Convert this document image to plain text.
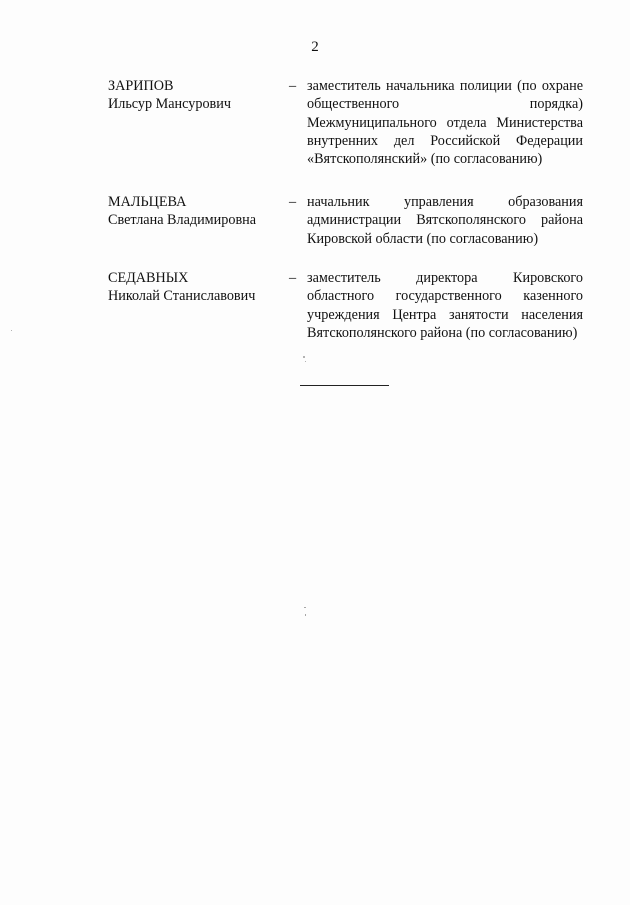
2
ЗАРИПОВ
Ильсур Мансурович
– заместитель начальника полиции (по охране общественного порядка) Межмуниципального отдела Министерства внутренних дел Российской Федерации «Вятскополянский» (по согласованию)
МАЛЬЦЕВА
Светлана Владимировна
– начальник управления образования администрации Вятскополянского района Кировской области (по согласованию)
СЕДАВНЫХ
Николай Станиславович
– заместитель директора Кировского областного государственного казенного учреждения Центра занятости населения Вятскополянского района (по согласованию)
